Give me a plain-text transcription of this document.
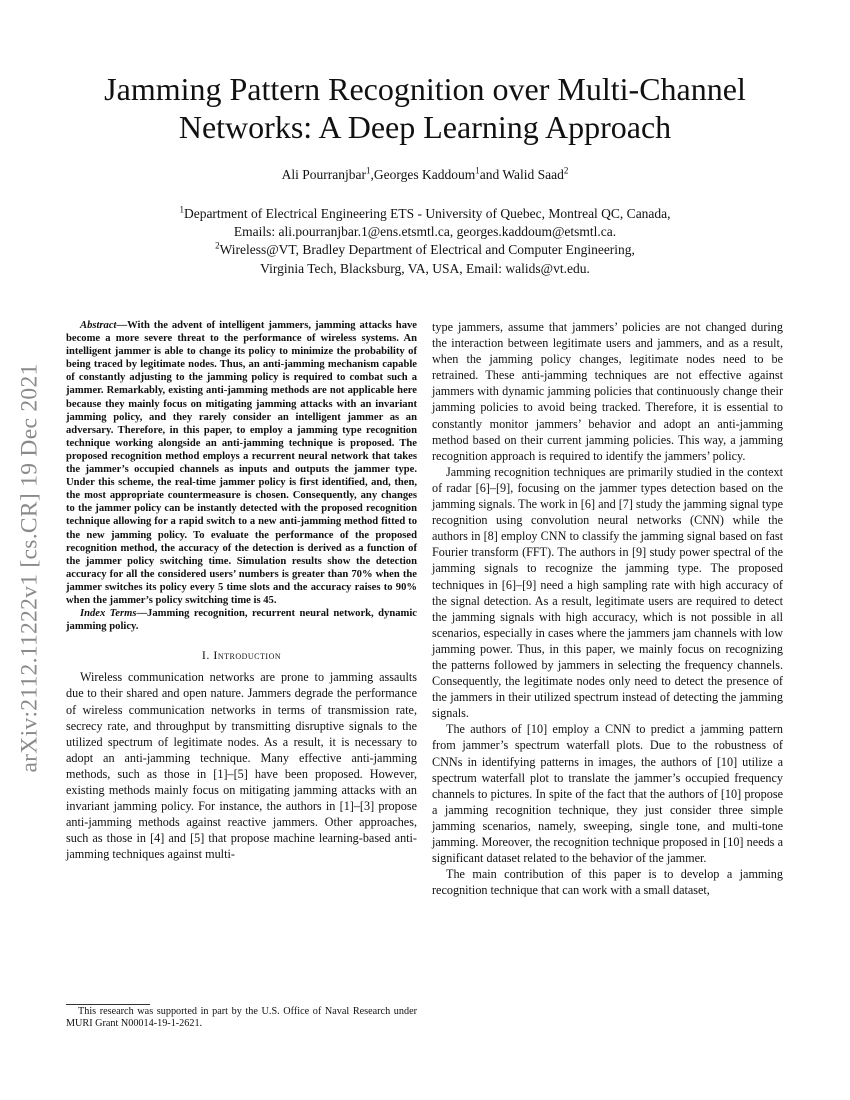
arXiv:2112.11222v1 [cs.CR] 19 Dec 2021
Jamming Pattern Recognition over Multi-Channel Networks: A Deep Learning Approach
Ali Pourranjbar$^1$,Georges Kaddoum$^1$and Walid Saad$^2$
$^1$Department of Electrical Engineering ETS - University of Quebec, Montreal QC, Canada,
Emails: ali.pourranjbar.1@ens.etsmtl.ca, georges.kaddoum@etsmtl.ca.
$^2$Wireless@VT, Bradley Department of Electrical and Computer Engineering,
Virginia Tech, Blacksburg, VA, USA, Email: walids@vt.edu.

Abstract—With the advent of intelligent jammers, jamming attacks have become a more severe threat to the performance of wireless systems. An intelligent jammer is able to change its policy to minimize the probability of being traced by legitimate nodes. Thus, an anti-jamming mechanism capable of constantly adjusting to the jamming policy is required to combat such a jammer. Remarkably, existing anti-jamming methods are not applicable here because they mainly focus on mitigating jamming attacks with an invariant jamming policy, and they rarely consider an intelligent jammer as an adversary. Therefore, in this paper, to employ a jamming type recognition technique working alongside an anti-jamming technique is proposed. The proposed recognition method employs a recurrent neural network that takes the jammer’s occupied channels as inputs and outputs the jammer type. Under this scheme, the real-time jammer policy is first identified, and, then, the most appropriate countermeasure is chosen. Consequently, any changes to the jammer policy can be instantly detected with the proposed recognition technique allowing for a rapid switch to a new anti-jamming method fitted to the new jamming policy. To evaluate the performance of the proposed recognition method, the accuracy of the detection is derived as a function of the jammer policy switching time. Simulation results show the detection accuracy for all the considered users’ numbers is greater than 70% when the jammer switches its policy every 5 time slots and the accuracy raises to 90% when the jammer’s policy switching time is 45.

Index Terms—Jamming recognition, recurrent neural network, dynamic jamming policy.

I. Introduction

Wireless communication networks are prone to jamming assaults due to their shared and open nature. Jammers degrade the performance of wireless communication networks in terms of transmission rate, secrecy rate, and throughput by transmitting disruptive signals to the utilized spectrum of legitimate nodes. As a result, it is necessary to adopt an anti-jamming technique. Many effective anti-jamming methods, such as those in [1]–[5] have been proposed. However, existing methods mainly focus on mitigating jamming attacks with an invariant jamming policy. For instance, the authors in [1]–[3] propose anti-jamming methods against reactive jammers. Other approaches, such as those in [4] and [5] that propose machine learning-based anti-jamming techniques against multi-

This research was supported in part by the U.S. Office of Naval Research under MURI Grant N00014-19-1-2621.

type jammers, assume that jammers’ policies are not changed during the interaction between legitimate users and jammers, and as a result, when the jamming policy changes, legitimate nodes need to be retrained. These anti-jamming techniques are not effective against jammers with dynamic jamming policies that continuously change their jamming policies to avoid being tracked. Therefore, it is essential to constantly monitor jammers’ behavior and adopt an anti-jamming method based on their current jamming policies. This way, a jamming recognition approach is required to identify the jammers’ policy.

Jamming recognition techniques are primarily studied in the context of radar [6]–[9], focusing on the jammer types detection based on the jamming signals. The work in [6] and [7] study the jamming signal type recognition using convolution neural networks (CNN) while the authors in [8] employ CNN to classify the jamming signal based on fast Fourier transform (FFT). The authors in [9] study power spectral of the jamming signals to recognize the jamming type. The proposed techniques in [6]–[9] need a high sampling rate with high accuracy of the signal detection. As a result, legitimate users are required to detect the jamming signals with high accuracy, which is not possible in all scenarios, especially in cases where the jammers jam channels with low jamming power. Thus, in this paper, we mainly focus on recognizing the patterns followed by jammers in selecting the frequency channels. Consequently, the legitimate nodes only need to detect the presence of the jammers in their utilized spectrum instead of detecting the jamming signals.

The authors of [10] employ a CNN to predict a jamming pattern from jammer’s spectrum waterfall plots. Due to the robustness of CNNs in identifying patterns in images, the authors of [10] utilize a spectrum waterfall plot to translate the jammer’s occupied frequency channels to pictures. In spite of the fact that the authors of [10] propose a jamming recognition technique, they just consider three simple jamming scenarios, namely, sweeping, single tone, and multi-tone jamming. Moreover, the recognition technique proposed in [10] needs a significant dataset related to the behavior of the jammer.

The main contribution of this paper is to develop a jamming recognition technique that can work with a small dataset,
